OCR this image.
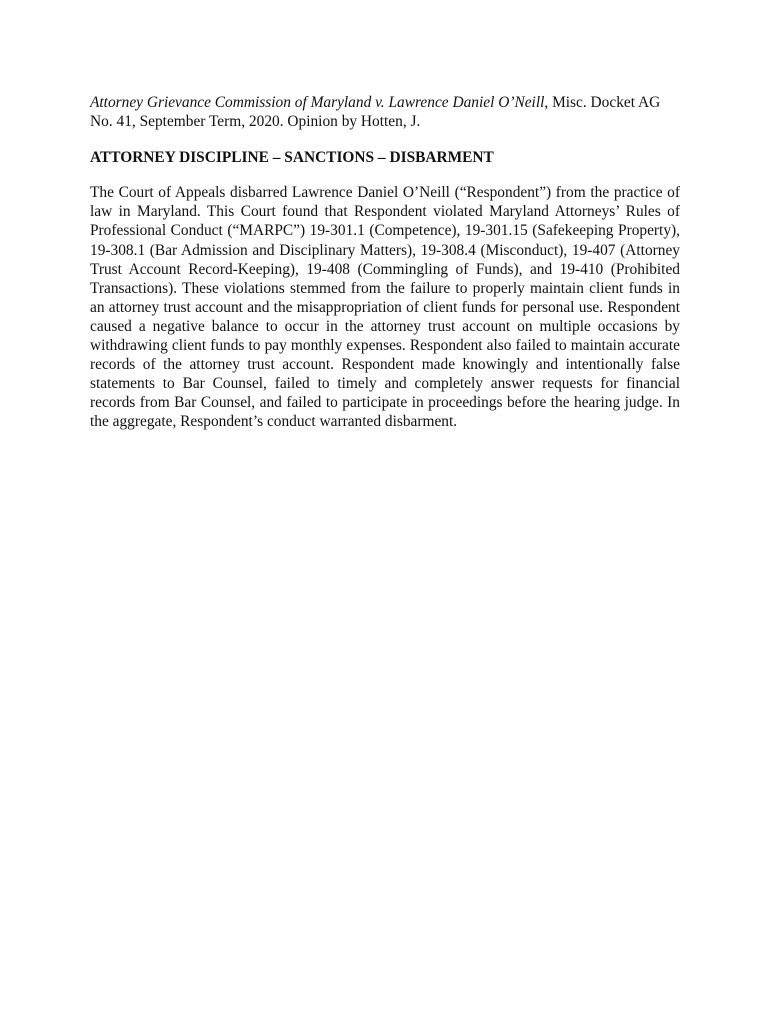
Attorney Grievance Commission of Maryland v. Lawrence Daniel O’Neill, Misc. Docket AG No. 41, September Term, 2020. Opinion by Hotten, J.

ATTORNEY DISCIPLINE – SANCTIONS – DISBARMENT

The Court of Appeals disbarred Lawrence Daniel O’Neill (“Respondent”) from the practice of law in Maryland. This Court found that Respondent violated Maryland Attorneys’ Rules of Professional Conduct (“MARPC”) 19-301.1 (Competence), 19-301.15 (Safekeeping Property), 19-308.1 (Bar Admission and Disciplinary Matters), 19-308.4 (Misconduct), 19-407 (Attorney Trust Account Record-Keeping), 19-408 (Commingling of Funds), and 19-410 (Prohibited Transactions). These violations stemmed from the failure to properly maintain client funds in an attorney trust account and the misappropriation of client funds for personal use. Respondent caused a negative balance to occur in the attorney trust account on multiple occasions by withdrawing client funds to pay monthly expenses. Respondent also failed to maintain accurate records of the attorney trust account. Respondent made knowingly and intentionally false statements to Bar Counsel, failed to timely and completely answer requests for financial records from Bar Counsel, and failed to participate in proceedings before the hearing judge. In the aggregate, Respondent’s conduct warranted disbarment.
